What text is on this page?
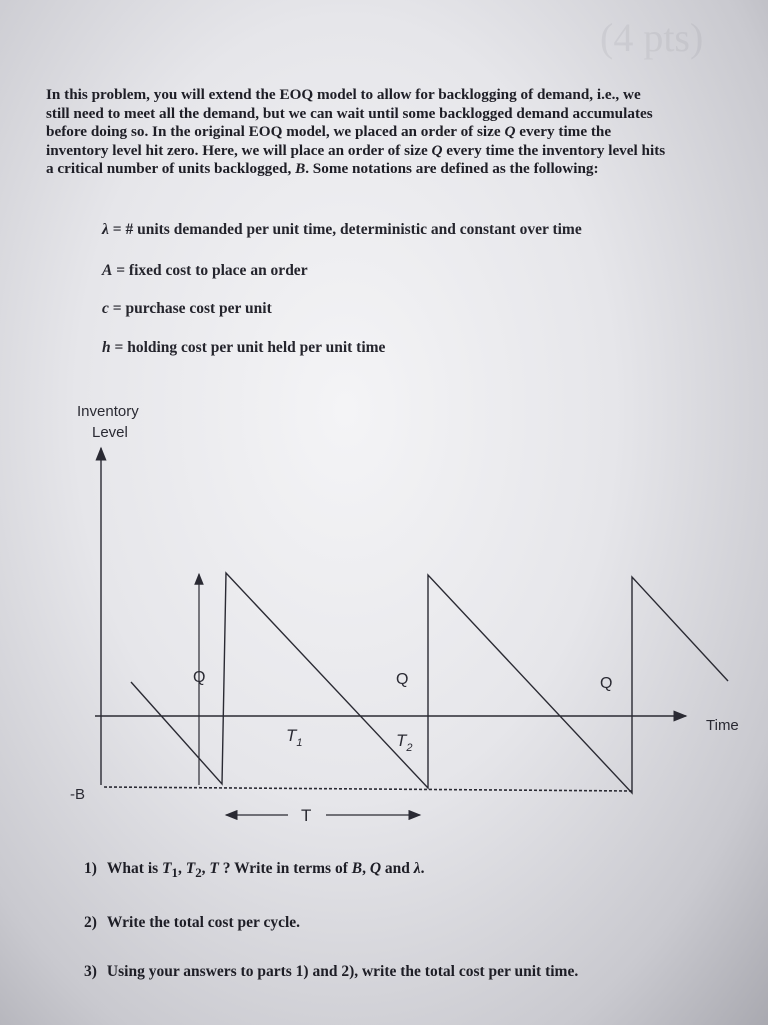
(4 pts)

In this problem, you will extend the EOQ model to allow for backlogging of demand, i.e., we

still need to meet all the demand, but we can wait until some backlogged demand accumulates

before doing so. In the original EOQ model, we placed an order of size Q every time the

inventory level hit zero. Here, we will place an order of size Q every time the inventory level hits

a critical number of units backlogged, B. Some notations are defined as the following:

λ = # units demanded per unit time, deterministic and constant over time
A = fixed cost to place an order
c = purchase cost per unit
h = holding cost per unit held per unit time
Inventory
Level
Time
-B
Q	Q	Q
$T_1$	$T_2$
T
1) What is $T_1$, $T_2$, T ? Write in terms of B, Q and λ.
2) Write the total cost per cycle.
3) Using your answers to parts 1) and 2), write the total cost per unit time.
